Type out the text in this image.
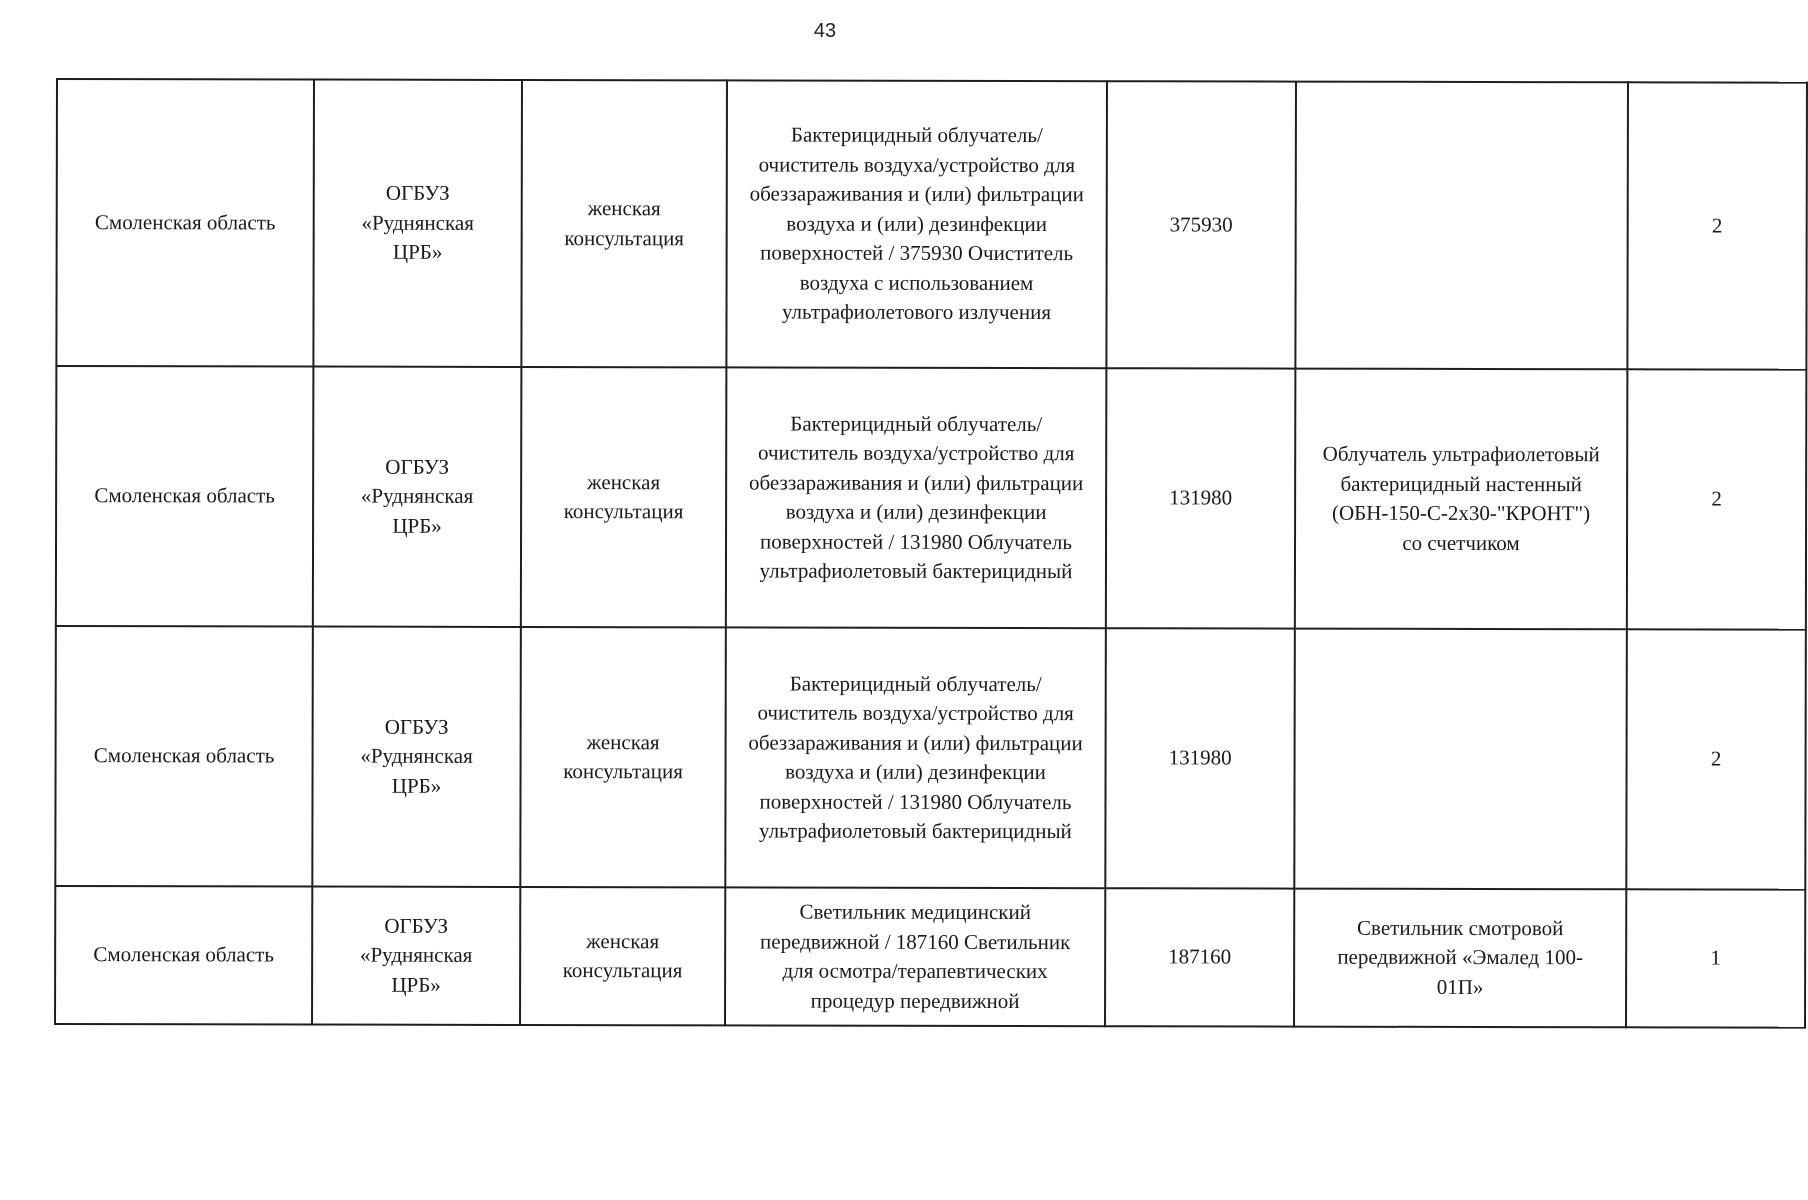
43
Смоленская область	ОГБУЗ «Руднянская ЦРБ»	женская консультация	Бактерицидный облучатель/очиститель воздуха/устройство для обеззараживания и (или) фильтрации воздуха и (или) дезинфекции поверхностей / 375930 Очиститель воздуха с использованием ультрафиолетового излучения	375930		2

Смоленская область	ОГБУЗ «Руднянская ЦРБ»	женская консультация	Бактерицидный облучатель/очиститель воздуха/устройство для обеззараживания и (или) фильтрации воздуха и (или) дезинфекции поверхностей / 131980 Облучатель ультрафиолетовый бактерицидный	131980	Облучатель ультрафиолетовый бактерицидный настенный (ОБН-150-С-2х30-"КРОНТ") со счетчиком	2

Смоленская область	ОГБУЗ «Руднянская ЦРБ»	женская консультация	Бактерицидный облучатель/очиститель воздуха/устройство для обеззараживания и (или) фильтрации воздуха и (или) дезинфекции поверхностей / 131980 Облучатель ультрафиолетовый бактерицидный	131980		2

Смоленская область	ОГБУЗ «Руднянская ЦРБ»	женская консультация	Светильник медицинский передвижной / 187160 Светильник для осмотра/терапевтических процедур передвижной	187160	Светильник смотровой передвижной «Эмалед 100-01П»	1
